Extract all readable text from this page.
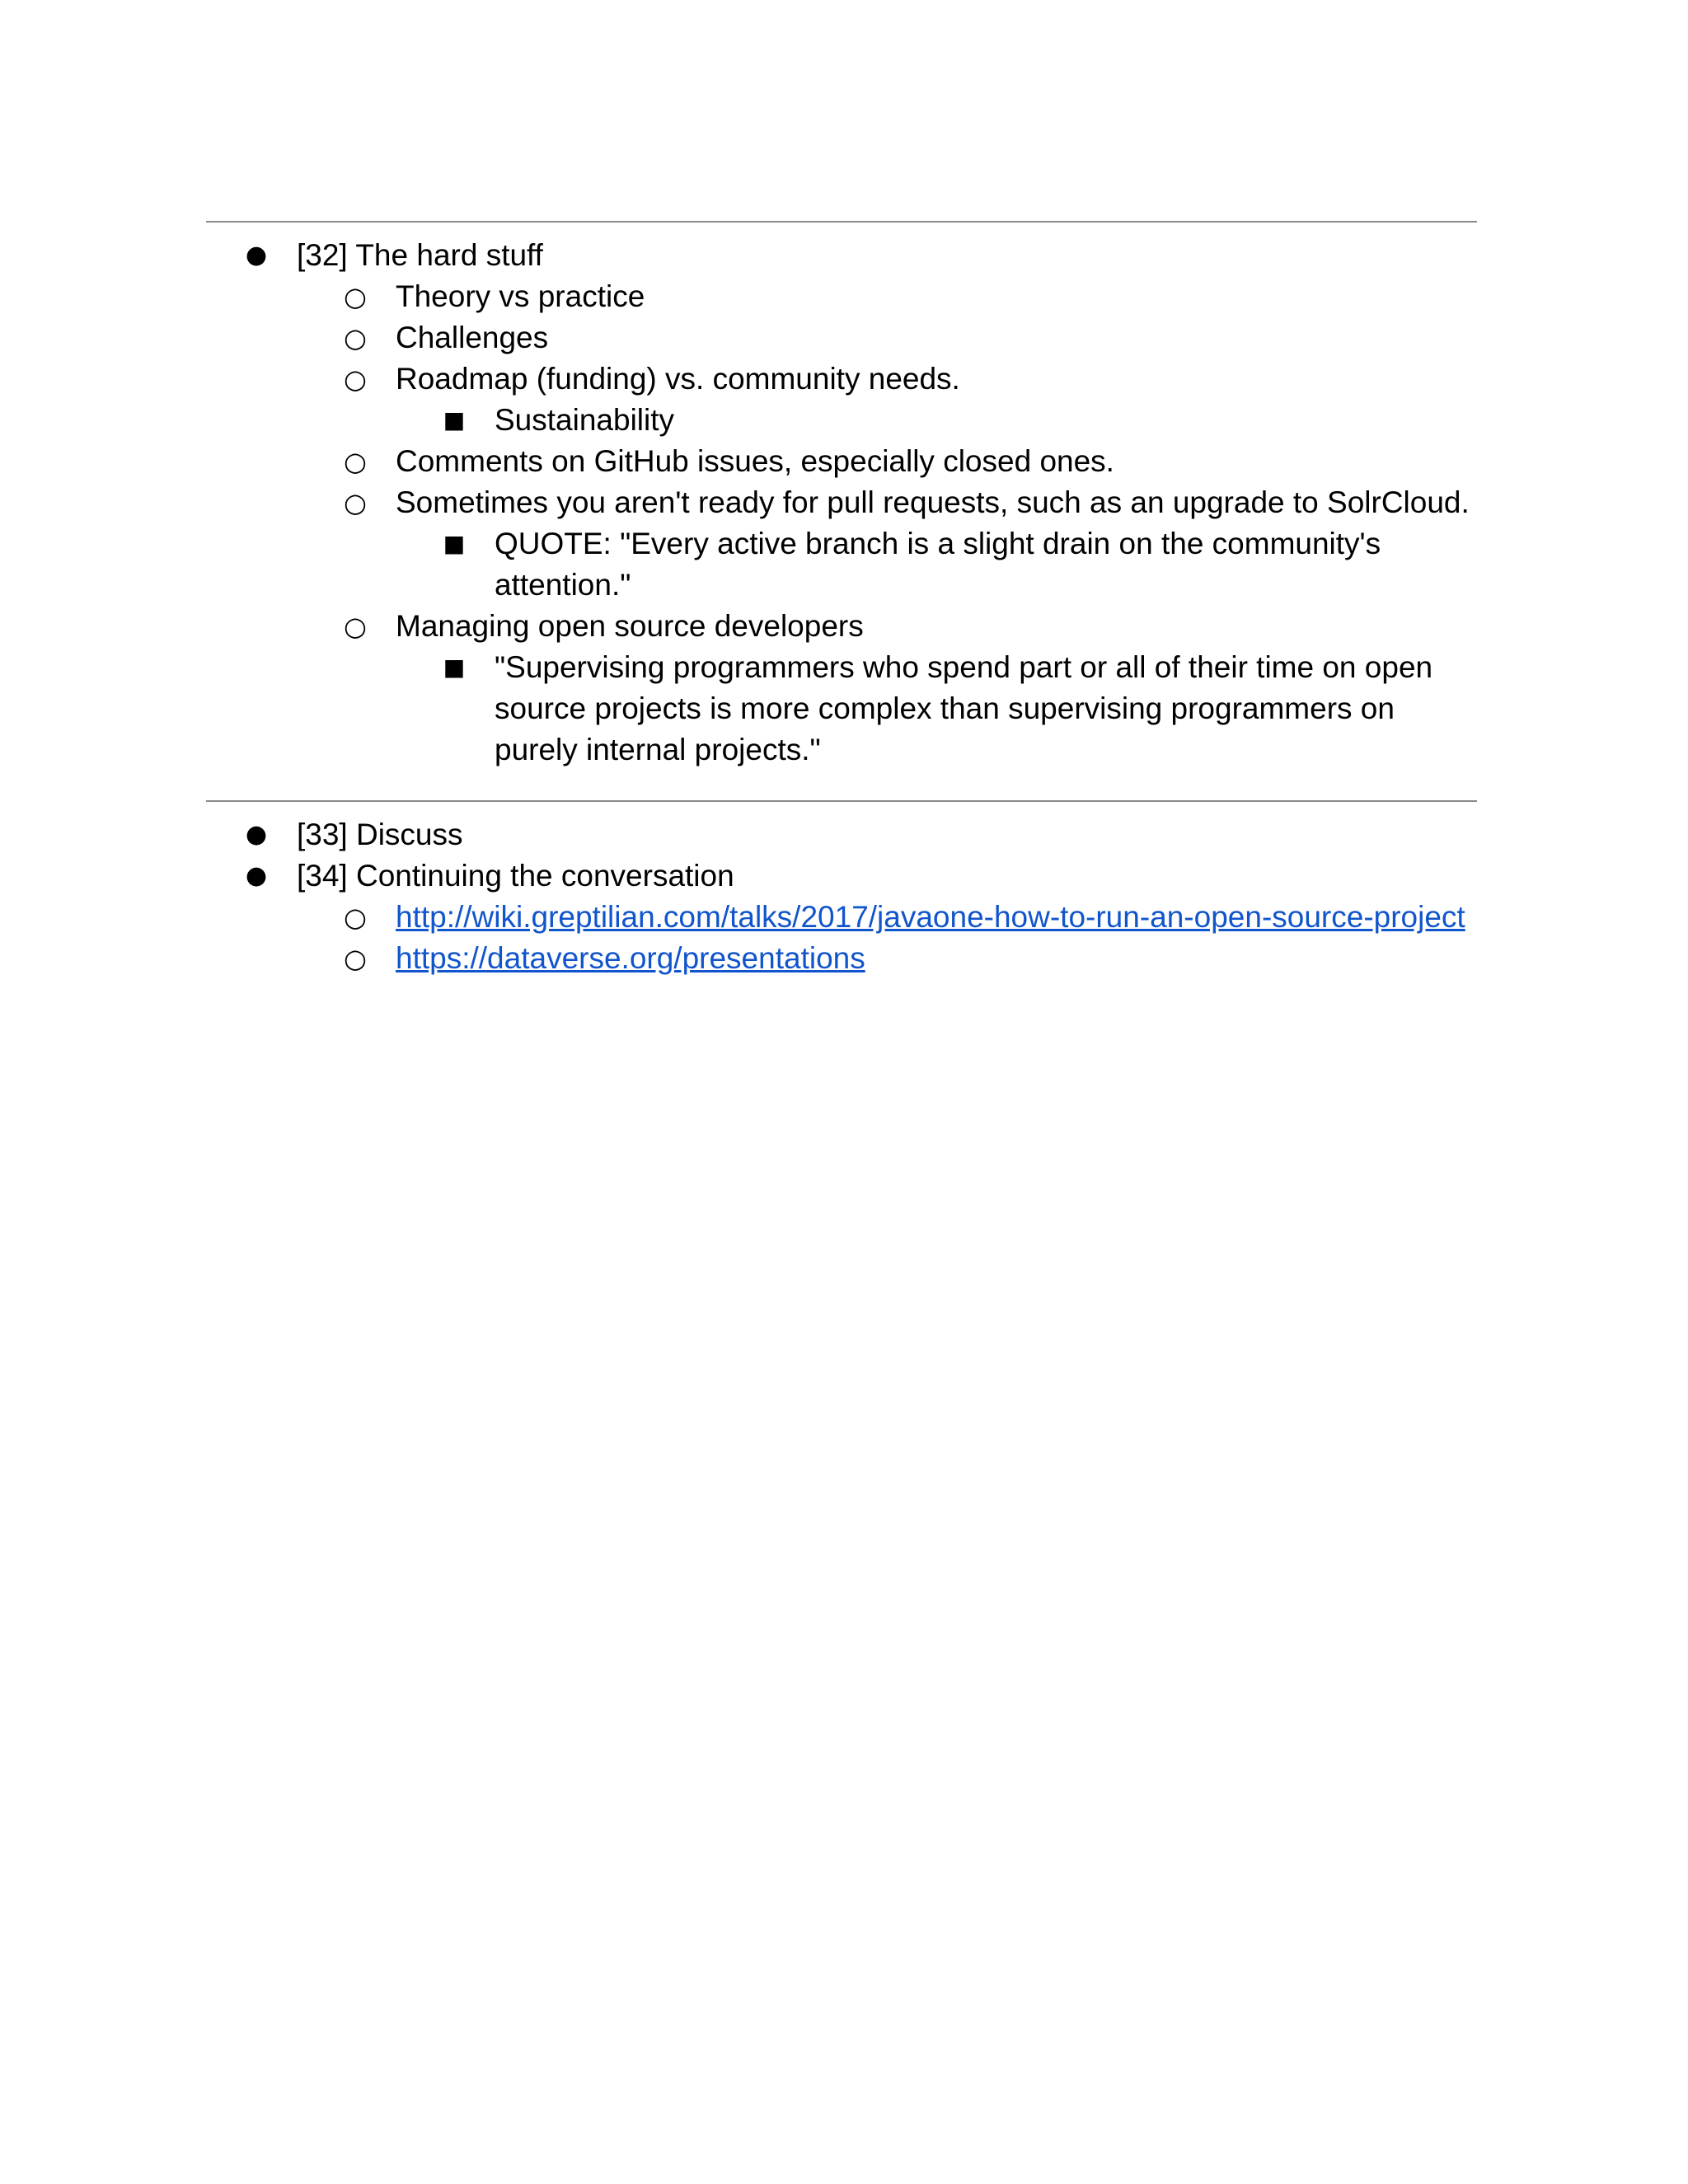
● [32] The hard stuff
○ Theory vs practice
○ Challenges
○ Roadmap (funding) vs. community needs.
■ Sustainability
○ Comments on GitHub issues, especially closed ones.
○ Sometimes you aren't ready for pull requests, such as an upgrade to SolrCloud.
■ QUOTE: "Every active branch is a slight drain on the community's attention."
○ Managing open source developers
■ "Supervising programmers who spend part or all of their time on open source projects is more complex than supervising programmers on purely internal projects."
● [33] Discuss
● [34] Continuing the conversation
○ http://wiki.greptilian.com/talks/2017/javaone-how-to-run-an-open-source-project
○ https://dataverse.org/presentations
